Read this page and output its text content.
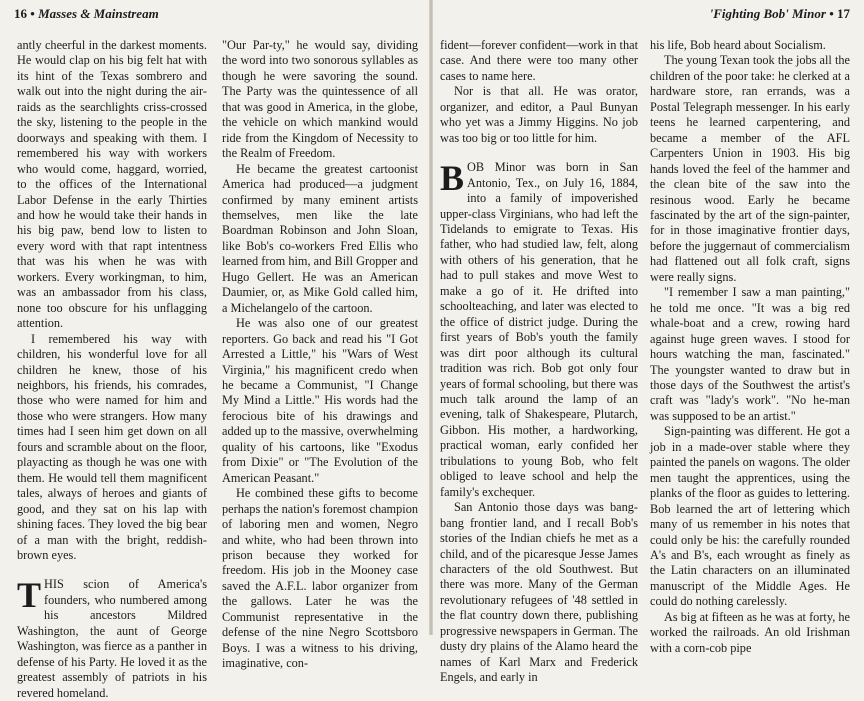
16 • Masses & Mainstream

antly cheerful in the darkest moments. He would clap on his big felt hat with its hint of the Texas sombrero and walk out into the night during the air-raids as the searchlights criss-crossed the sky, listening to the people in the doorways and speaking with them. I remembered his way with workers who would come, haggard, worried, to the offices of the International Labor Defense in the early Thirties and how he would take their hands in his big paw, bend low to listen to every word with that rapt intentness that was his when he was with workers. Every workingman, to him, was an ambassador from his class, none too obscure for his unflagging attention.

I remembered his way with children, his wonderful love for all children he knew, those of his neighbors, his friends, his comrades, those who were named for him and those who were strangers. How many times had I seen him get down on all fours and scramble about on the floor, playacting as though he was one with them. He would tell them magnificent tales, always of heroes and giants of good, and they sat on his lap with shining faces. They loved the big bear of a man with the bright, reddish-brown eyes.

THIS scion of America's founders, who numbered among his ancestors Mildred Washington, the aunt of George Washington, was fierce as a panther in defense of his Party. He loved it as the greatest assembly of patriots in his revered homeland.

"Our Par-ty," he would say, dividing the word into two sonorous syllables as though he were savoring the sound. The Party was the quintessence of all that was good in America, in the globe, the vehicle on which mankind would ride from the Kingdom of Necessity to the Realm of Freedom.

He became the greatest cartoonist America had produced—a judgment confirmed by many eminent artists themselves, men like the late Boardman Robinson and John Sloan, like Bob's co-workers Fred Ellis who learned from him, and Bill Gropper and Hugo Gellert. He was an American Daumier, or, as Mike Gold called him, a Michelangelo of the cartoon.

He was also one of our greatest reporters. Go back and read his "I Got Arrested a Little," his "Wars of West Virginia," his magnificent credo when he became a Communist, "I Change My Mind a Little." His words had the ferocious bite of his drawings and added up to the massive, overwhelming quality of his cartoons, like "Exodus from Dixie" or "The Evolution of the American Peasant."

He combined these gifts to become perhaps the nation's foremost champion of laboring men and women, Negro and white, who had been thrown into prison because they worked for freedom. His job in the Mooney case saved the A.F.L. labor organizer from the gallows. Later he was the Communist representative in the defense of the nine Negro Scottsboro Boys. I was a witness to his driving, imaginative, con-

'Fighting Bob' Minor • 17

fident—forever confident—work in that case. And there were too many other cases to name here.

Nor is that all. He was orator, organizer, and editor, a Paul Bunyan who yet was a Jimmy Higgins. No job was too big or too little for him.

BOB Minor was born in San Antonio, Tex., on July 16, 1884, into a family of impoverished upper-class Virginians, who had left the Tidelands to emigrate to Texas. His father, who had studied law, felt, along with others of his generation, that he had to pull stakes and move West to make a go of it. He drifted into schoolteaching, and later was elected to the office of district judge. During the first years of Bob's youth the family was dirt poor although its cultural tradition was rich. Bob got only four years of formal schooling, but there was much talk around the lamp of an evening, talk of Shakespeare, Plutarch, Gibbon. His mother, a hardworking, practical woman, early confided her tribulations to young Bob, who felt obliged to leave school and help the family's exchequer.

San Antonio those days was bang-bang frontier land, and I recall Bob's stories of the Indian chiefs he met as a child, and of the picaresque Jesse James characters of the old Southwest. But there was more. Many of the German revolutionary refugees of '48 settled in the flat country down there, publishing progressive newspapers in German. The dusty dry plains of the Alamo heard the names of Karl Marx and Frederick Engels, and early in

his life, Bob heard about Socialism.

The young Texan took the jobs all the children of the poor take: he clerked at a hardware store, ran errands, was a Postal Telegraph messenger. In his early teens he learned carpentering, and became a member of the AFL Carpenters Union in 1903. His big hands loved the feel of the hammer and the clean bite of the saw into the resinous wood. Early he became fascinated by the art of the sign-painter, for in those imaginative frontier days, before the juggernaut of commercialism had flattened out all folk craft, signs were really signs.

"I remember I saw a man painting," he told me once. "It was a big red whale-boat and a crew, rowing hard against huge green waves. I stood for hours watching the man, fascinated." The youngster wanted to draw but in those days of the Southwest the artist's craft was "lady's work". "No he-man was supposed to be an artist."

Sign-painting was different. He got a job in a made-over stable where they painted the panels on wagons. The older men taught the apprentices, using the planks of the floor as guides to lettering. Bob learned the art of lettering which many of us remember in his notes that could only be his: the carefully rounded A's and B's, each wrought as finely as the Latin characters on an illuminated manuscript of the Middle Ages. He could do nothing carelessly.

As big at fifteen as he was at forty, he worked the railroads. An old Irishman with a corn-cob pipe
